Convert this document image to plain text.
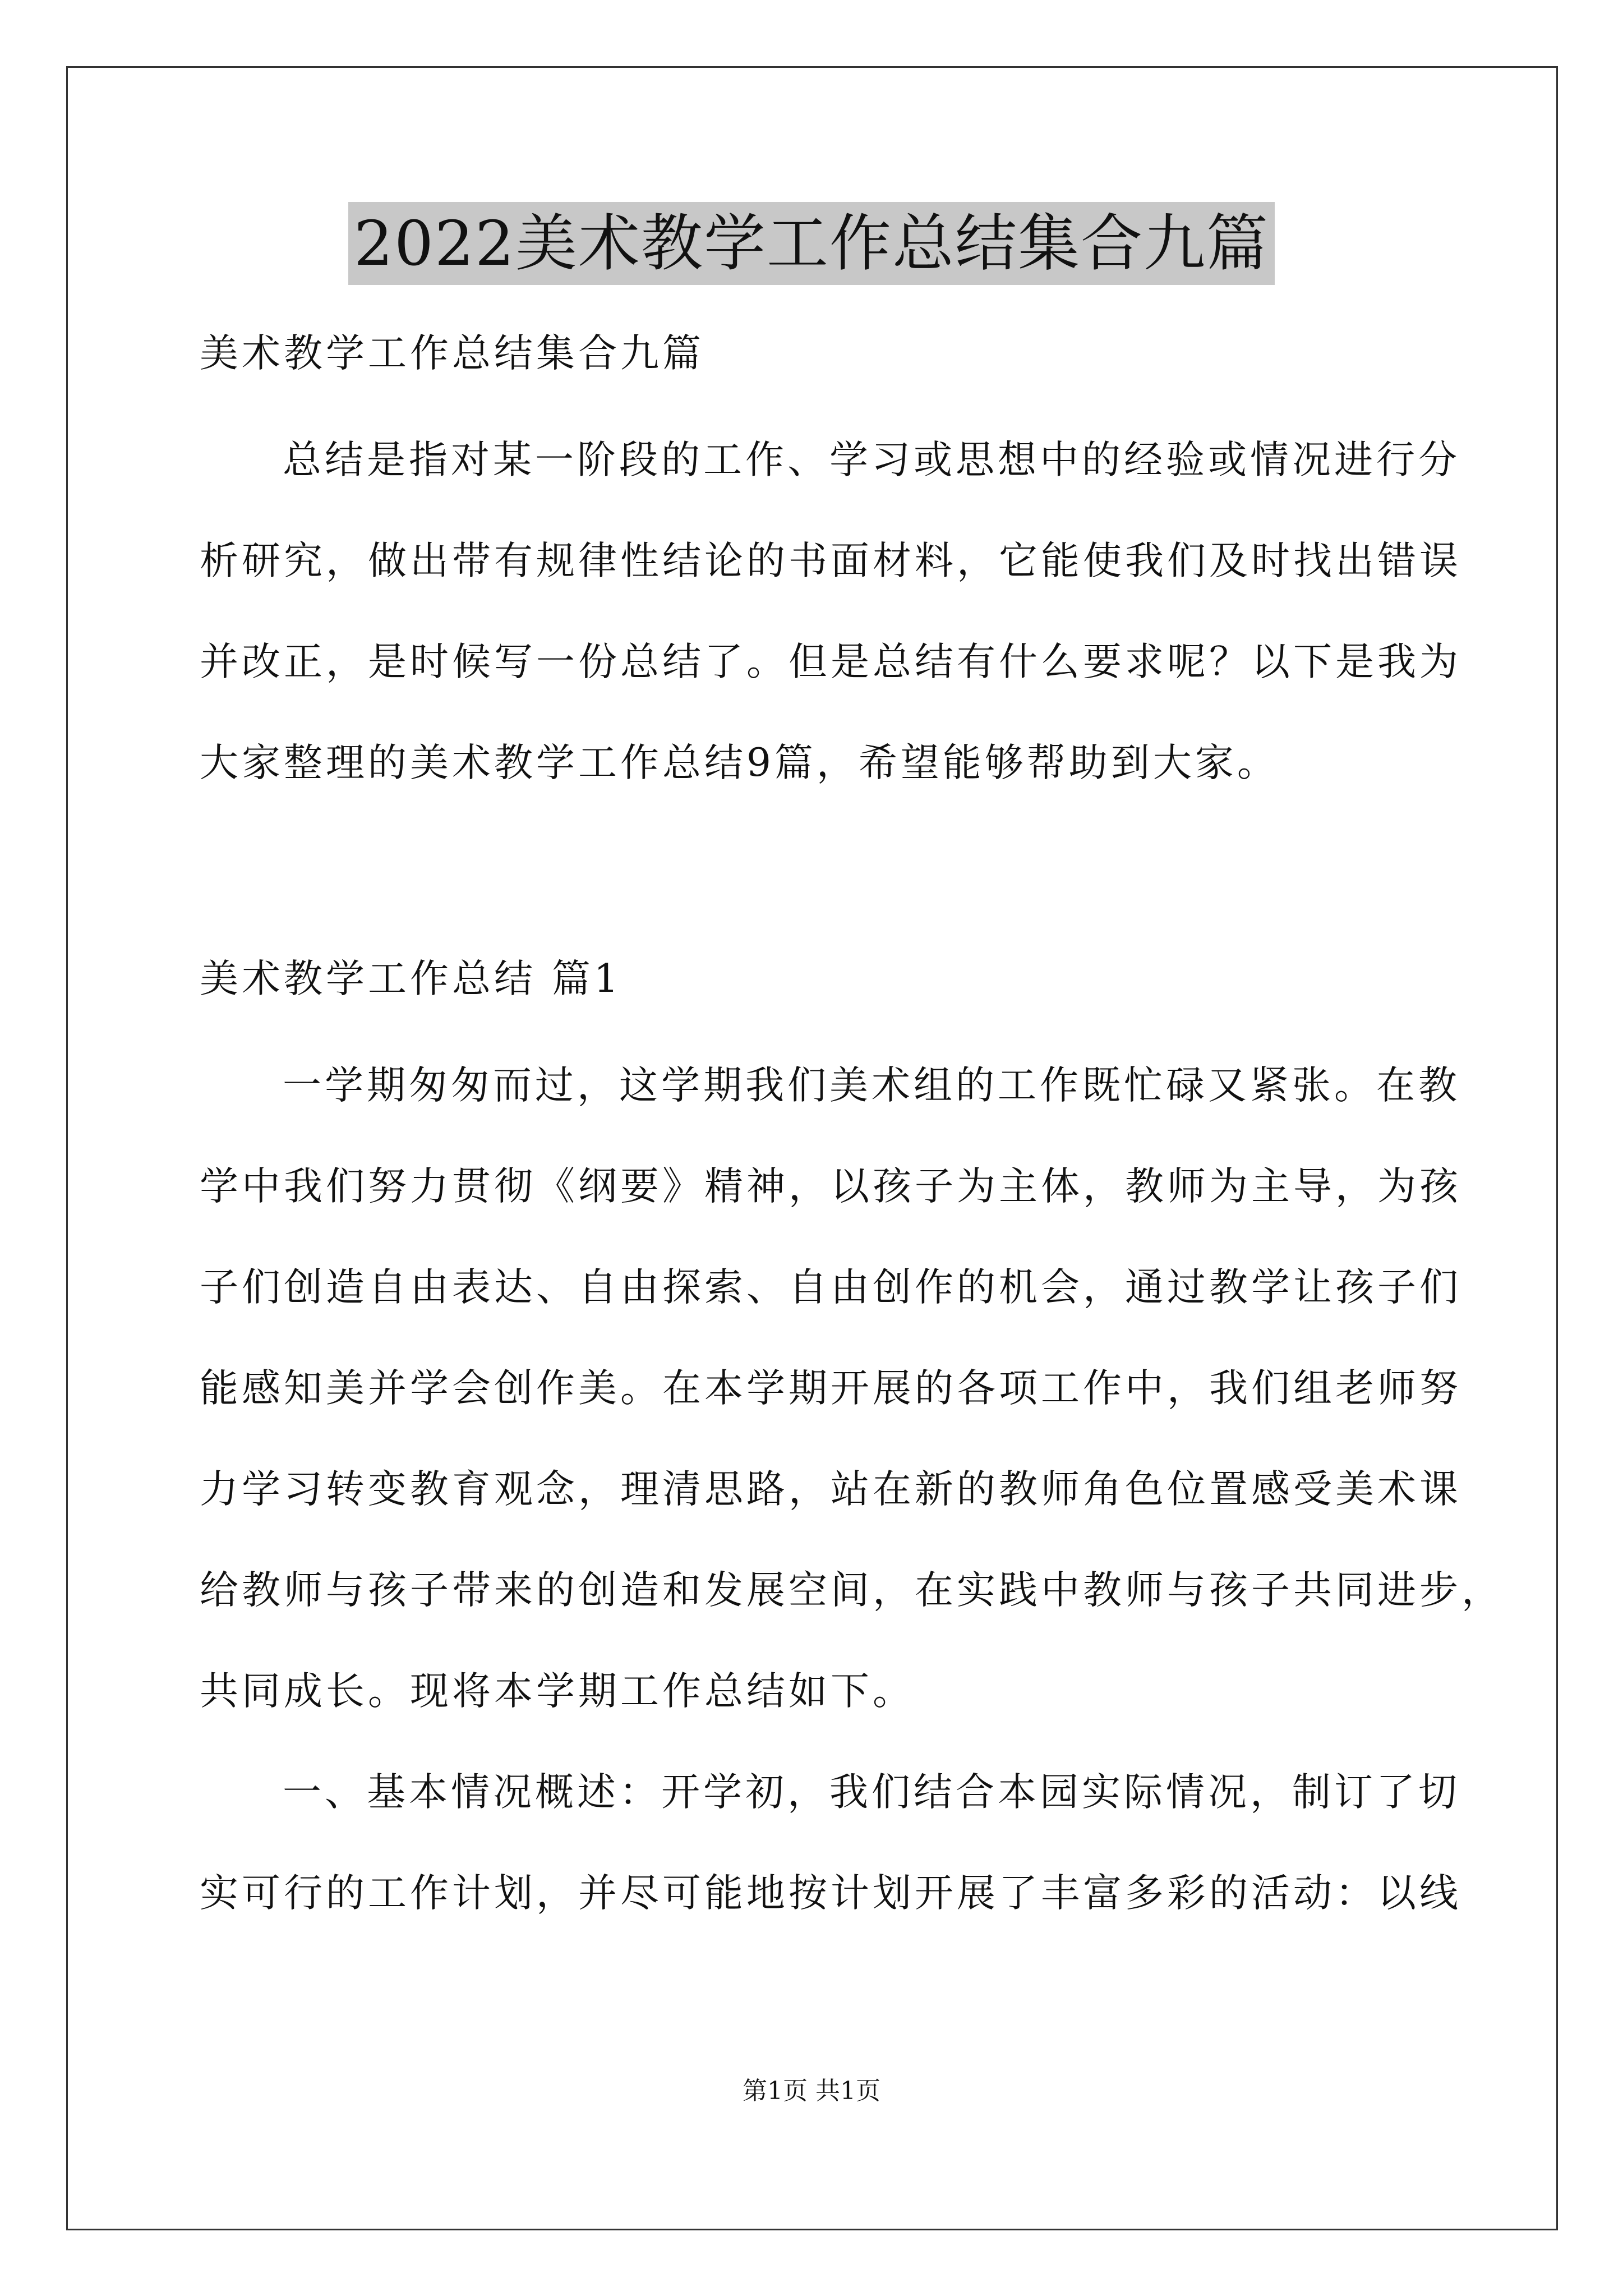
2022美术教学工作总结集合九篇
美术教学工作总结集合九篇
总结是指对某一阶段的工作、学习或思想中的经验或情况进行分
析研究，做出带有规律性结论的书面材料，它能使我们及时找出错误
并改正，是时候写一份总结了。但是总结有什么要求呢？以下是我为
大家整理的美术教学工作总结9篇，希望能够帮助到大家。
美术教学工作总结 篇1
一学期匆匆而过，这学期我们美术组的工作既忙碌又紧张。在教
学中我们努力贯彻《纲要》精神，以孩子为主体，教师为主导，为孩
子们创造自由表达、自由探索、自由创作的机会，通过教学让孩子们
能感知美并学会创作美。在本学期开展的各项工作中，我们组老师努
力学习转变教育观念，理清思路，站在新的教师角色位置感受美术课
给教师与孩子带来的创造和发展空间，在实践中教师与孩子共同进步，
共同成长。现将本学期工作总结如下。
一、基本情况概述：开学初，我们结合本园实际情况，制订了切
实可行的工作计划，并尽可能地按计划开展了丰富多彩的活动：以线
第1页 共1页
